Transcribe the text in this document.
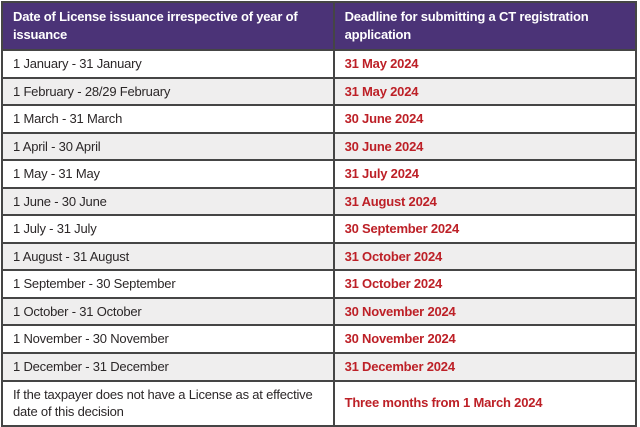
Date of License issuance irrespective of year of issuance	Deadline for submitting a CT registration application
1 January - 31 January	31 May 2024
1 February - 28/29 February	31 May 2024
1 March - 31 March	30 June 2024
1 April - 30 April	30 June 2024
1 May - 31 May	31 July 2024
1 June - 30 June	31 August 2024
1 July - 31 July	30 September 2024
1 August - 31 August	31 October 2024
1 September - 30 September	31 October 2024
1 October - 31 October	30 November 2024
1 November - 30 November	30 November 2024
1 December - 31 December	31 December 2024
If the taxpayer does not have a License as at effective date of this decision	Three months from 1 March 2024
